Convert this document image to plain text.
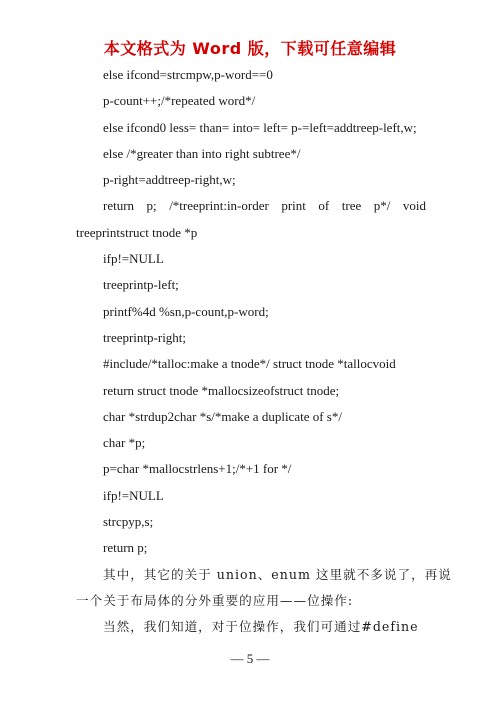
本文格式为 Word 版，下载可任意编辑
else ifcond=strcmpw,p-word==0
p-count++;/*repeated word*/
else ifcond0 less= than= into= left= p-=left=addtreep-left,w;
else /*greater than into right subtree*/
p-right=addtreep-right,w;
return p; /*treeprint:in-order print of tree p*/ void
treeprintstruct tnode *p
ifp!=NULL
treeprintp-left;
printf%4d %sn,p-count,p-word;
treeprintp-right;
#include/*talloc:make a tnode*/ struct tnode *tallocvoid
return struct tnode *mallocsizeofstruct tnode;
char *strdup2char *s/*make a duplicate of s*/
char *p;
p=char *mallocstrlens+1;/*+1 for */
ifp!=NULL
strcpyp,s;
return p;
其中，其它的关于 union、enum 这里就不多说了，再说
一个关于布局体的分外重要的应用——位操作:
当然，我们知道，对于位操作，我们可通过#define
— 5 —
